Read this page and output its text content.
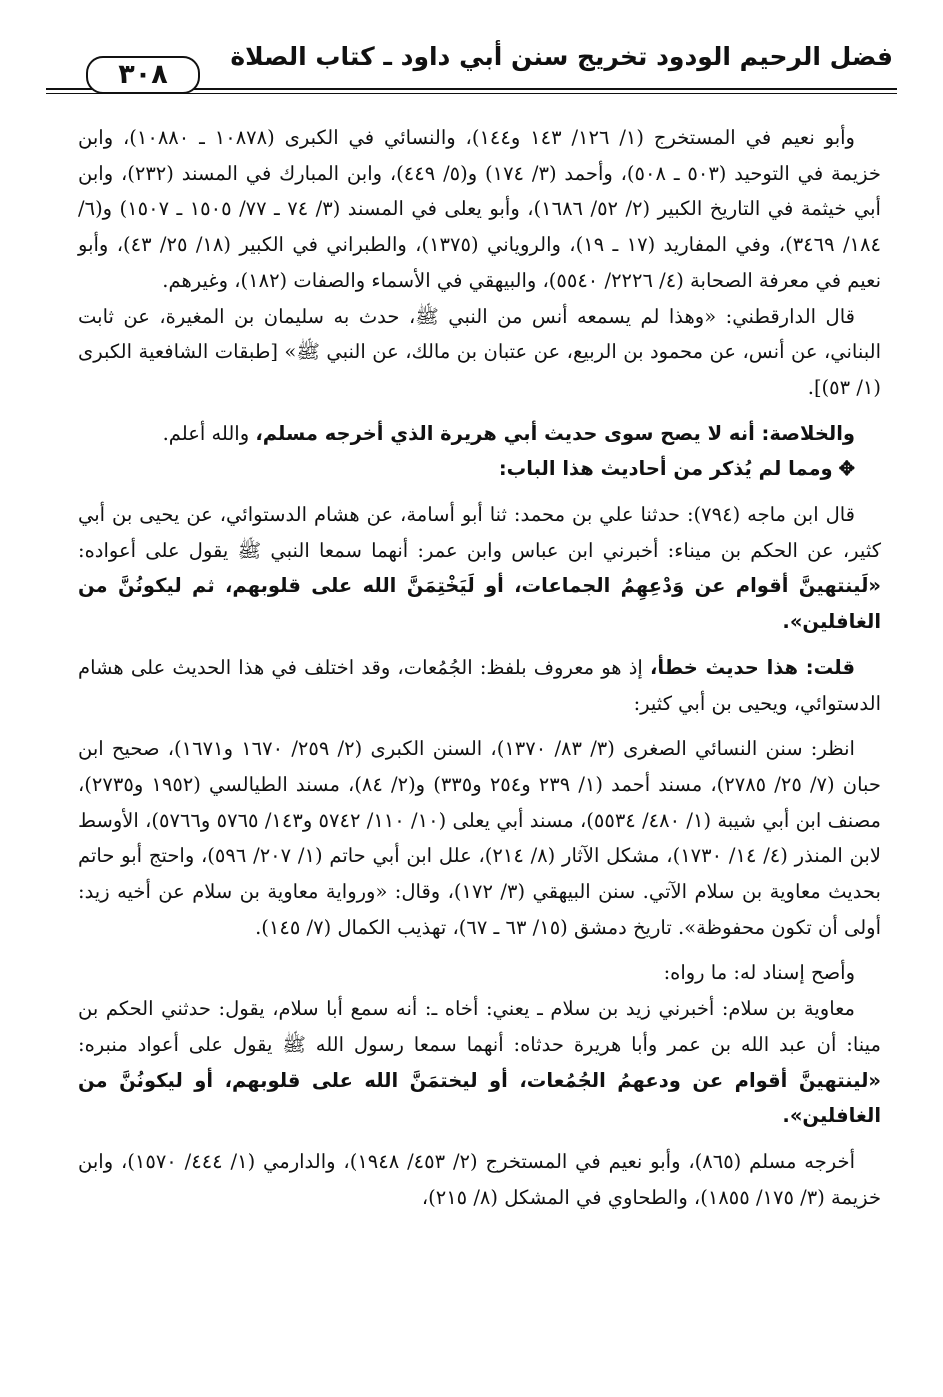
فضل الرحيم الودود تخريج سنن أبي داود ـ كتاب الصلاة
٣٠٨

وأبو نعيم في المستخرج (١/ ١٢٦/ ١٤٣ و١٤٤)، والنسائي في الكبرى (١٠٨٧٨ ـ ١٠٨٨٠)، وابن خزيمة في التوحيد (٥٠٣ ـ ٥٠٨)، وأحمد (٣/ ١٧٤) و(٥/ ٤٤٩)، وابن المبارك في المسند (٢٣٢)، وابن أبي خيثمة في التاريخ الكبير (٢/ ٥٢/ ١٦٨٦)، وأبو يعلى في المسند (٣/ ٧٤ ـ ٧٧/ ١٥٠٥ ـ ١٥٠٧) و(٦/ ١٨٤/ ٣٤٦٩)، وفي المفاريد (١٧ ـ ١٩)، والروياني (١٣٧٥)، والطبراني في الكبير (١٨/ ٢٥/ ٤٣)، وأبو نعيم في معرفة الصحابة (٤/ ٢٢٢٦/ ٥٥٤٠)، والبيهقي في الأسماء والصفات (١٨٢)، وغيرهم.

قال الدارقطني: «وهذا لم يسمعه أنس من النبي ﷺ، حدث به سليمان بن المغيرة، عن ثابت البناني، عن أنس، عن محمود بن الربيع، عن عتبان بن مالك، عن النبي ﷺ» [طبقات الشافعية الكبرى (١/ ٥٣)].

والخلاصة: أنه لا يصح سوى حديث أبي هريرة الذي أخرجه مسلم، والله أعلم.

✥ومما لم يُذكر من أحاديث هذا الباب:

قال ابن ماجه (٧٩٤): حدثنا علي بن محمد: ثنا أبو أسامة، عن هشام الدستوائي، عن يحيى بن أبي كثير، عن الحكم بن ميناء: أخبرني ابن عباس وابن عمر: أنهما سمعا النبي ﷺ يقول على أعواده: «لَينتهينَّ أقوام عن وَدْعِهِمُ الجماعات، أو لَيَخْتِمَنَّ الله على قلوبهم، ثم ليكونُنَّ من الغافلين».

قلت: هذا حديث خطأ، إذ هو معروف بلفظ: الجُمُعات، وقد اختلف في هذا الحديث على هشام الدستوائي، ويحيى بن أبي كثير:

انظر: سنن النسائي الصغرى (٣/ ٨٣/ ١٣٧٠)، السنن الكبرى (٢/ ٢٥٩/ ١٦٧٠ و١٦٧١)، صحيح ابن حبان (٧/ ٢٥/ ٢٧٨٥)، مسند أحمد (١/ ٢٣٩ و٢٥٤ و٣٣٥) و(٢/ ٨٤)، مسند الطيالسي (١٩٥٢ و٢٧٣٥)، مصنف ابن أبي شيبة (١/ ٤٨٠/ ٥٥٣٤)، مسند أبي يعلى (١٠/ ١١٠/ ٥٧٤٢ و١٤٣/ ٥٧٦٥ و٥٧٦٦)، الأوسط لابن المنذر (٤/ ١٤/ ١٧٣٠)، مشكل الآثار (٨/ ٢١٤)، علل ابن أبي حاتم (١/ ٢٠٧/ ٥٩٦)، واحتج أبو حاتم بحديث معاوية بن سلام الآتي. سنن البيهقي (٣/ ١٧٢)، وقال: «ورواية معاوية بن سلام عن أخيه زيد: أولى أن تكون محفوظة». تاريخ دمشق (١٥/ ٦٣ ـ ٦٧)، تهذيب الكمال (٧/ ١٤٥).

وأصح إسناد له: ما رواه:

معاوية بن سلام: أخبرني زيد بن سلام ـ يعني: أخاه ـ: أنه سمع أبا سلام، يقول: حدثني الحكم بن مينا: أن عبد الله بن عمر وأبا هريرة حدثاه: أنهما سمعا رسول الله ﷺ يقول على أعواد منبره: «لينتهينَّ أقوام عن ودعهمُ الجُمُعات، أو ليختمَنَّ الله على قلوبهم، أو ليكونُنَّ من الغافلين».

أخرجه مسلم (٨٦٥)، وأبو نعيم في المستخرج (٢/ ٤٥٣/ ١٩٤٨)، والدارمي (١/ ٤٤٤/ ١٥٧٠)، وابن خزيمة (٣/ ١٧٥/ ١٨٥٥)، والطحاوي في المشكل (٨/ ٢١٥)،
